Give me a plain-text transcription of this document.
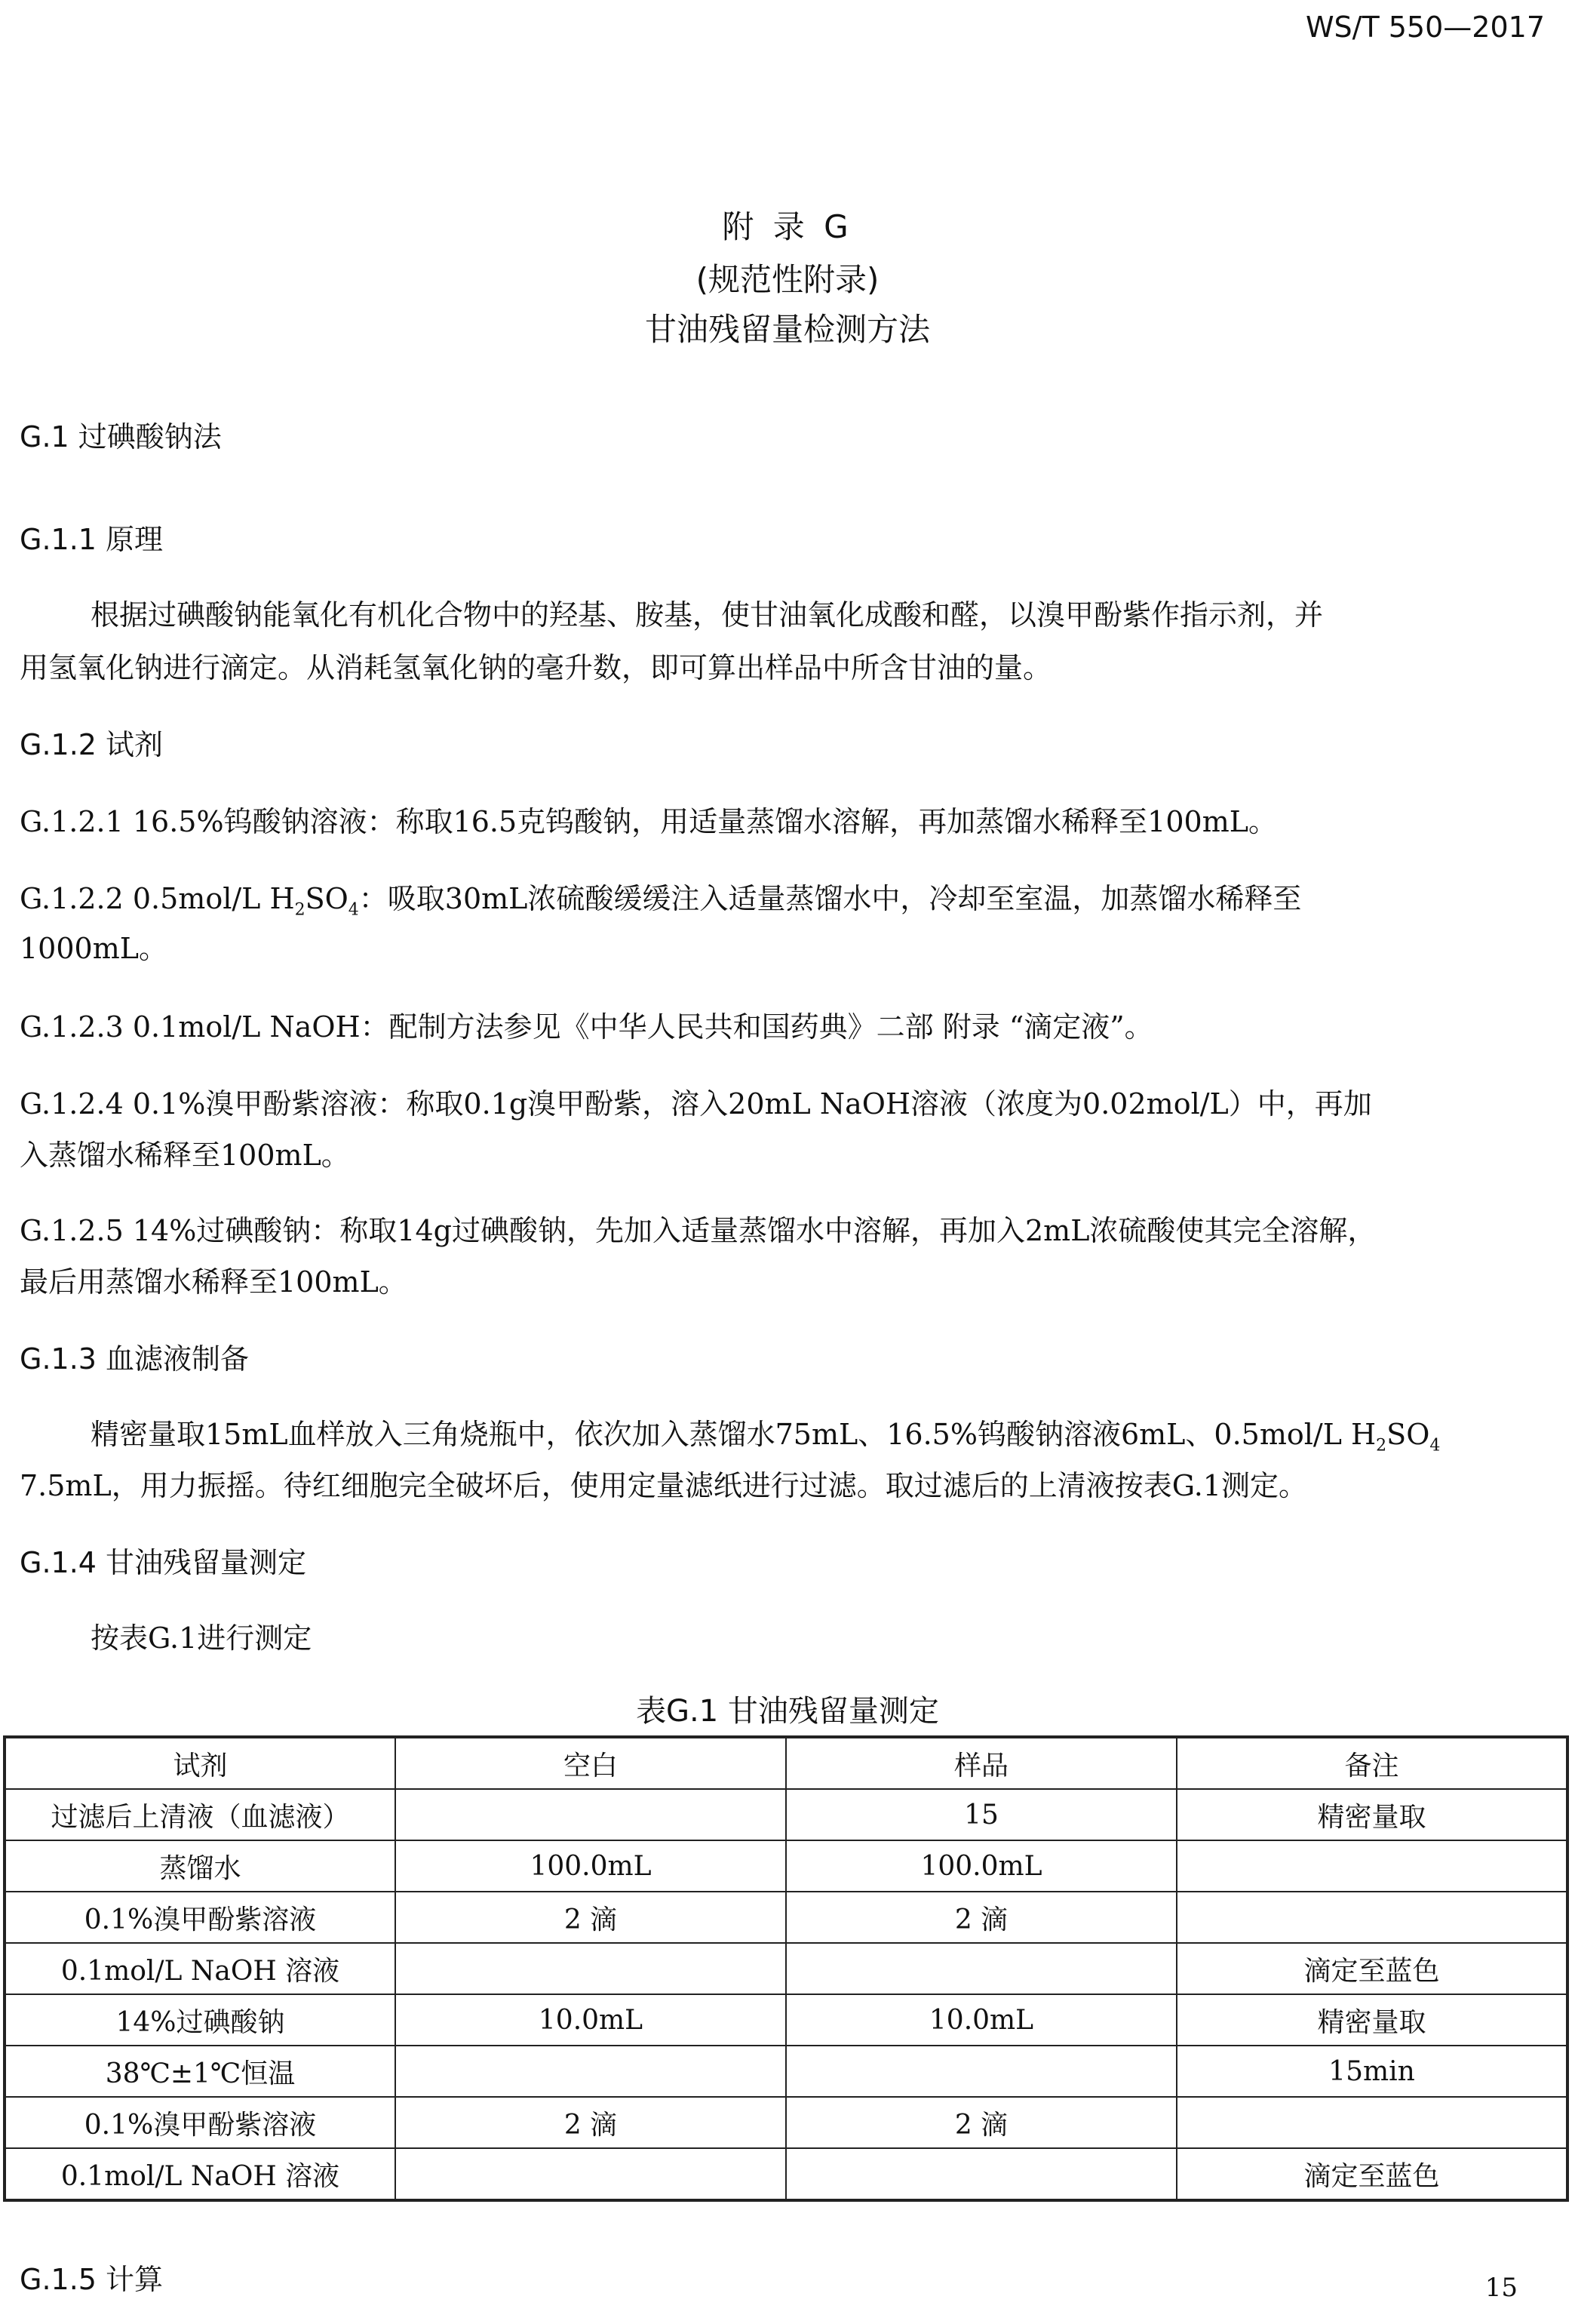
WS/T 550—2017
附 录 G
(规范性附录)
甘油残留量检测方法
G.1 过碘酸钠法
G.1.1 原理
根据过碘酸钠能氧化有机化合物中的羟基、胺基，使甘油氧化成酸和醛，以溴甲酚紫作指示剂，并
用氢氧化钠进行滴定。从消耗氢氧化钠的毫升数，即可算出样品中所含甘油的量。
G.1.2 试剂
G.1.2.1 16.5%钨酸钠溶液：称取16.5克钨酸钠，用适量蒸馏水溶解，再加蒸馏水稀释至100mL。
G.1.2.2 0.5mol/L $H_2SO_4$：吸取30mL浓硫酸缓缓注入适量蒸馏水中，冷却至室温，加蒸馏水稀释至
1000mL。
G.1.2.3 0.1mol/L NaOH：配制方法参见《中华人民共和国药典》二部 附录 “滴定液”。
G.1.2.4 0.1%溴甲酚紫溶液：称取0.1g溴甲酚紫，溶入20mL NaOH溶液（浓度为0.02mol/L）中，再加
入蒸馏水稀释至100mL。
G.1.2.5 14%过碘酸钠：称取14g过碘酸钠，先加入适量蒸馏水中溶解，再加入2mL浓硫酸使其完全溶解，
最后用蒸馏水稀释至100mL。
G.1.3 血滤液制备
精密量取15mL血样放入三角烧瓶中，依次加入蒸馏水75mL、16.5%钨酸钠溶液6mL、0.5mol/L $H_2SO_4$
7.5mL，用力振摇。待红细胞完全破坏后，使用定量滤纸进行过滤。取过滤后的上清液按表G.1测定。
G.1.4 甘油残留量测定
按表G.1进行测定
表G.1 甘油残留量测定
试剂	空白	样品	备注
过滤后上清液（血滤液）		15	精密量取
蒸馏水	100.0mL	100.0mL	
0.1%溴甲酚紫溶液	2 滴	2 滴	
0.1mol/L NaOH 溶液			滴定至蓝色
14%过碘酸钠	10.0mL	10.0mL	精密量取
38℃±1℃恒温			15min
0.1%溴甲酚紫溶液	2 滴	2 滴	
0.1mol/L NaOH 溶液			滴定至蓝色
G.1.5 计算	15
